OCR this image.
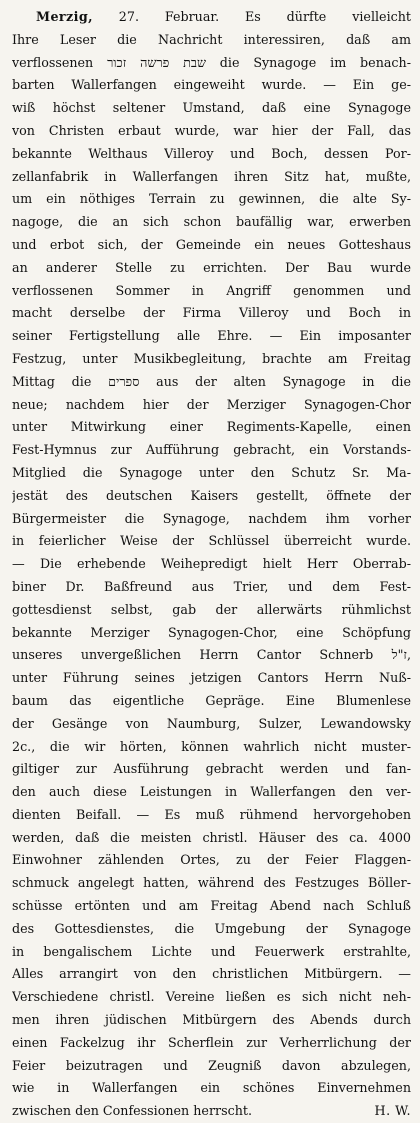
Merzig, 27. Februar. Es dürfte vielleicht
Ihre Leser die Nachricht interessiren, daß am
verflossenen שבת פרשה זכור die Synagoge im benach-
barten Wallerfangen eingeweiht wurde. — Ein ge-
wiß höchst seltener Umstand, daß eine Synagoge
von Christen erbaut wurde, war hier der Fall, das
bekannte Welthaus Villeroy und Boch, dessen Por-
zellanfabrik in Wallerfangen ihren Sitz hat, mußte,
um ein nöthiges Terrain zu gewinnen, die alte Sy-
nagoge, die an sich schon baufällig war, erwerben
und erbot sich, der Gemeinde ein neues Gotteshaus
an anderer Stelle zu errichten. Der Bau wurde
verflossenen Sommer in Angriff genommen und
macht derselbe der Firma Villeroy und Boch in
seiner Fertigstellung alle Ehre. — Ein imposanter
Festzug, unter Musikbegleitung, brachte am Freitag
Mittag die ספרים aus der alten Synagoge in die
neue; nachdem hier der Merziger Synagogen-Chor
unter Mitwirkung einer Regiments-Kapelle, einen
Fest-Hymnus zur Aufführung gebracht, ein Vorstands-
Mitglied die Synagoge unter den Schutz Sr. Ma-
jestät des deutschen Kaisers gestellt, öffnete der
Bürgermeister die Synagoge, nachdem ihm vorher
in feierlicher Weise der Schlüssel überreicht wurde.
— Die erhebende Weihepredigt hielt Herr Oberrab-
biner Dr. Baßfreund aus Trier, und dem Fest-
gottesdienst selbst, gab der allerwärts rühmlichst
bekannte Merziger Synagogen-Chor, eine Schöpfung
unseres unvergeßlichen Herrn Cantor Schnerb ז"ל,
unter Führung seines jetzigen Cantors Herrn Nuß-
baum das eigentliche Gepräge. Eine Blumenlese
der Gesänge von Naumburg, Sulzer, Lewandowsky
2c., die wir hörten, können wahrlich nicht muster-
giltiger zur Ausführung gebracht werden und fan-
den auch diese Leistungen in Wallerfangen den ver-
dienten Beifall. — Es muß rühmend hervorgehoben
werden, daß die meisten christl. Häuser des ca. 4000
Einwohner zählenden Ortes, zu der Feier Flaggen-
schmuck angelegt hatten, während des Festzuges Böller-
schüsse ertönten und am Freitag Abend nach Schluß
des Gottesdienstes, die Umgebung der Synagoge
in bengalischem Lichte und Feuerwerk erstrahlte,
Alles arrangirt von den christlichen Mitbürgern. —
Verschiedene christl. Vereine ließen es sich nicht neh-
men ihren jüdischen Mitbürgern des Abends durch
einen Fackelzug ihr Scherflein zur Verherrlichung der
Feier beizutragen und Zeugniß davon abzulegen,
wie in Wallerfangen ein schönes Einvernehmen
zwischen den Confessionen herrscht.	H. W.
